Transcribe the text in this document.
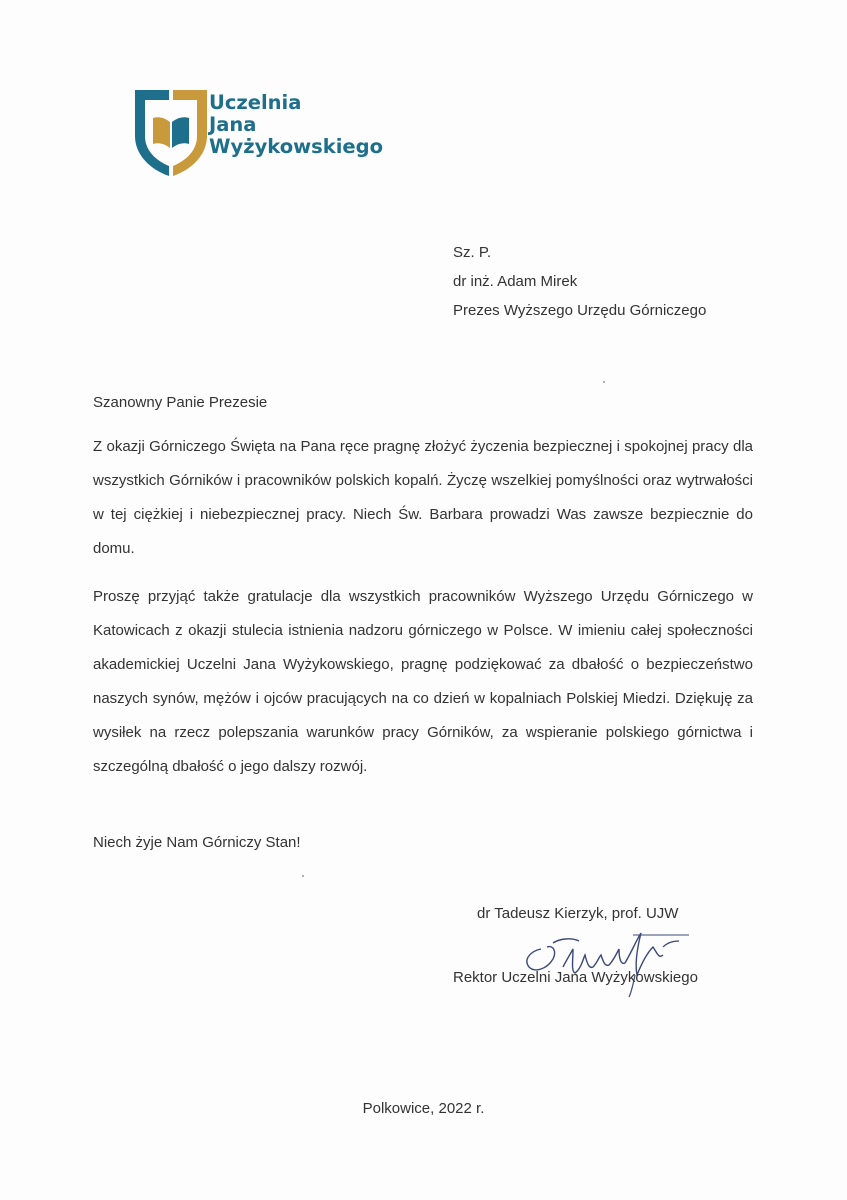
Uczelnia
Jana
Wyżykowskiego
Sz. P.
dr inż. Adam Mirek
Prezes Wyższego Urzędu Górniczego
Szanowny Panie Prezesie

Z okazji Górniczego Święta na Pana ręce pragnę złożyć życzenia bezpiecznej i spokojnej pracy dla wszystkich Górników i pracowników polskich kopalń. Życzę wszelkiej pomyślności oraz wytrwałości w tej ciężkiej i niebezpiecznej pracy. Niech Św. Barbara prowadzi Was zawsze bezpiecznie do domu.

Proszę przyjąć także gratulacje dla wszystkich pracowników Wyższego Urzędu Górniczego w Katowicach z okazji stulecia istnienia nadzoru górniczego w Polsce. W imieniu całej społeczności akademickiej Uczelni Jana Wyżykowskiego, pragnę podziękować za dbałość o bezpieczeństwo naszych synów, mężów i ojców pracujących na co dzień w kopalniach Polskiej Miedzi. Dziękuję za wysiłek na rzecz polepszania warunków pracy Górników, za wspieranie polskiego górnictwa i szczególną dbałość o jego dalszy rozwój.

Niech żyje Nam Górniczy Stan!

dr Tadeusz Kierzyk, prof. UJW
Rektor Uczelni Jana Wyżykowskiego
Polkowice, 2022 r.
